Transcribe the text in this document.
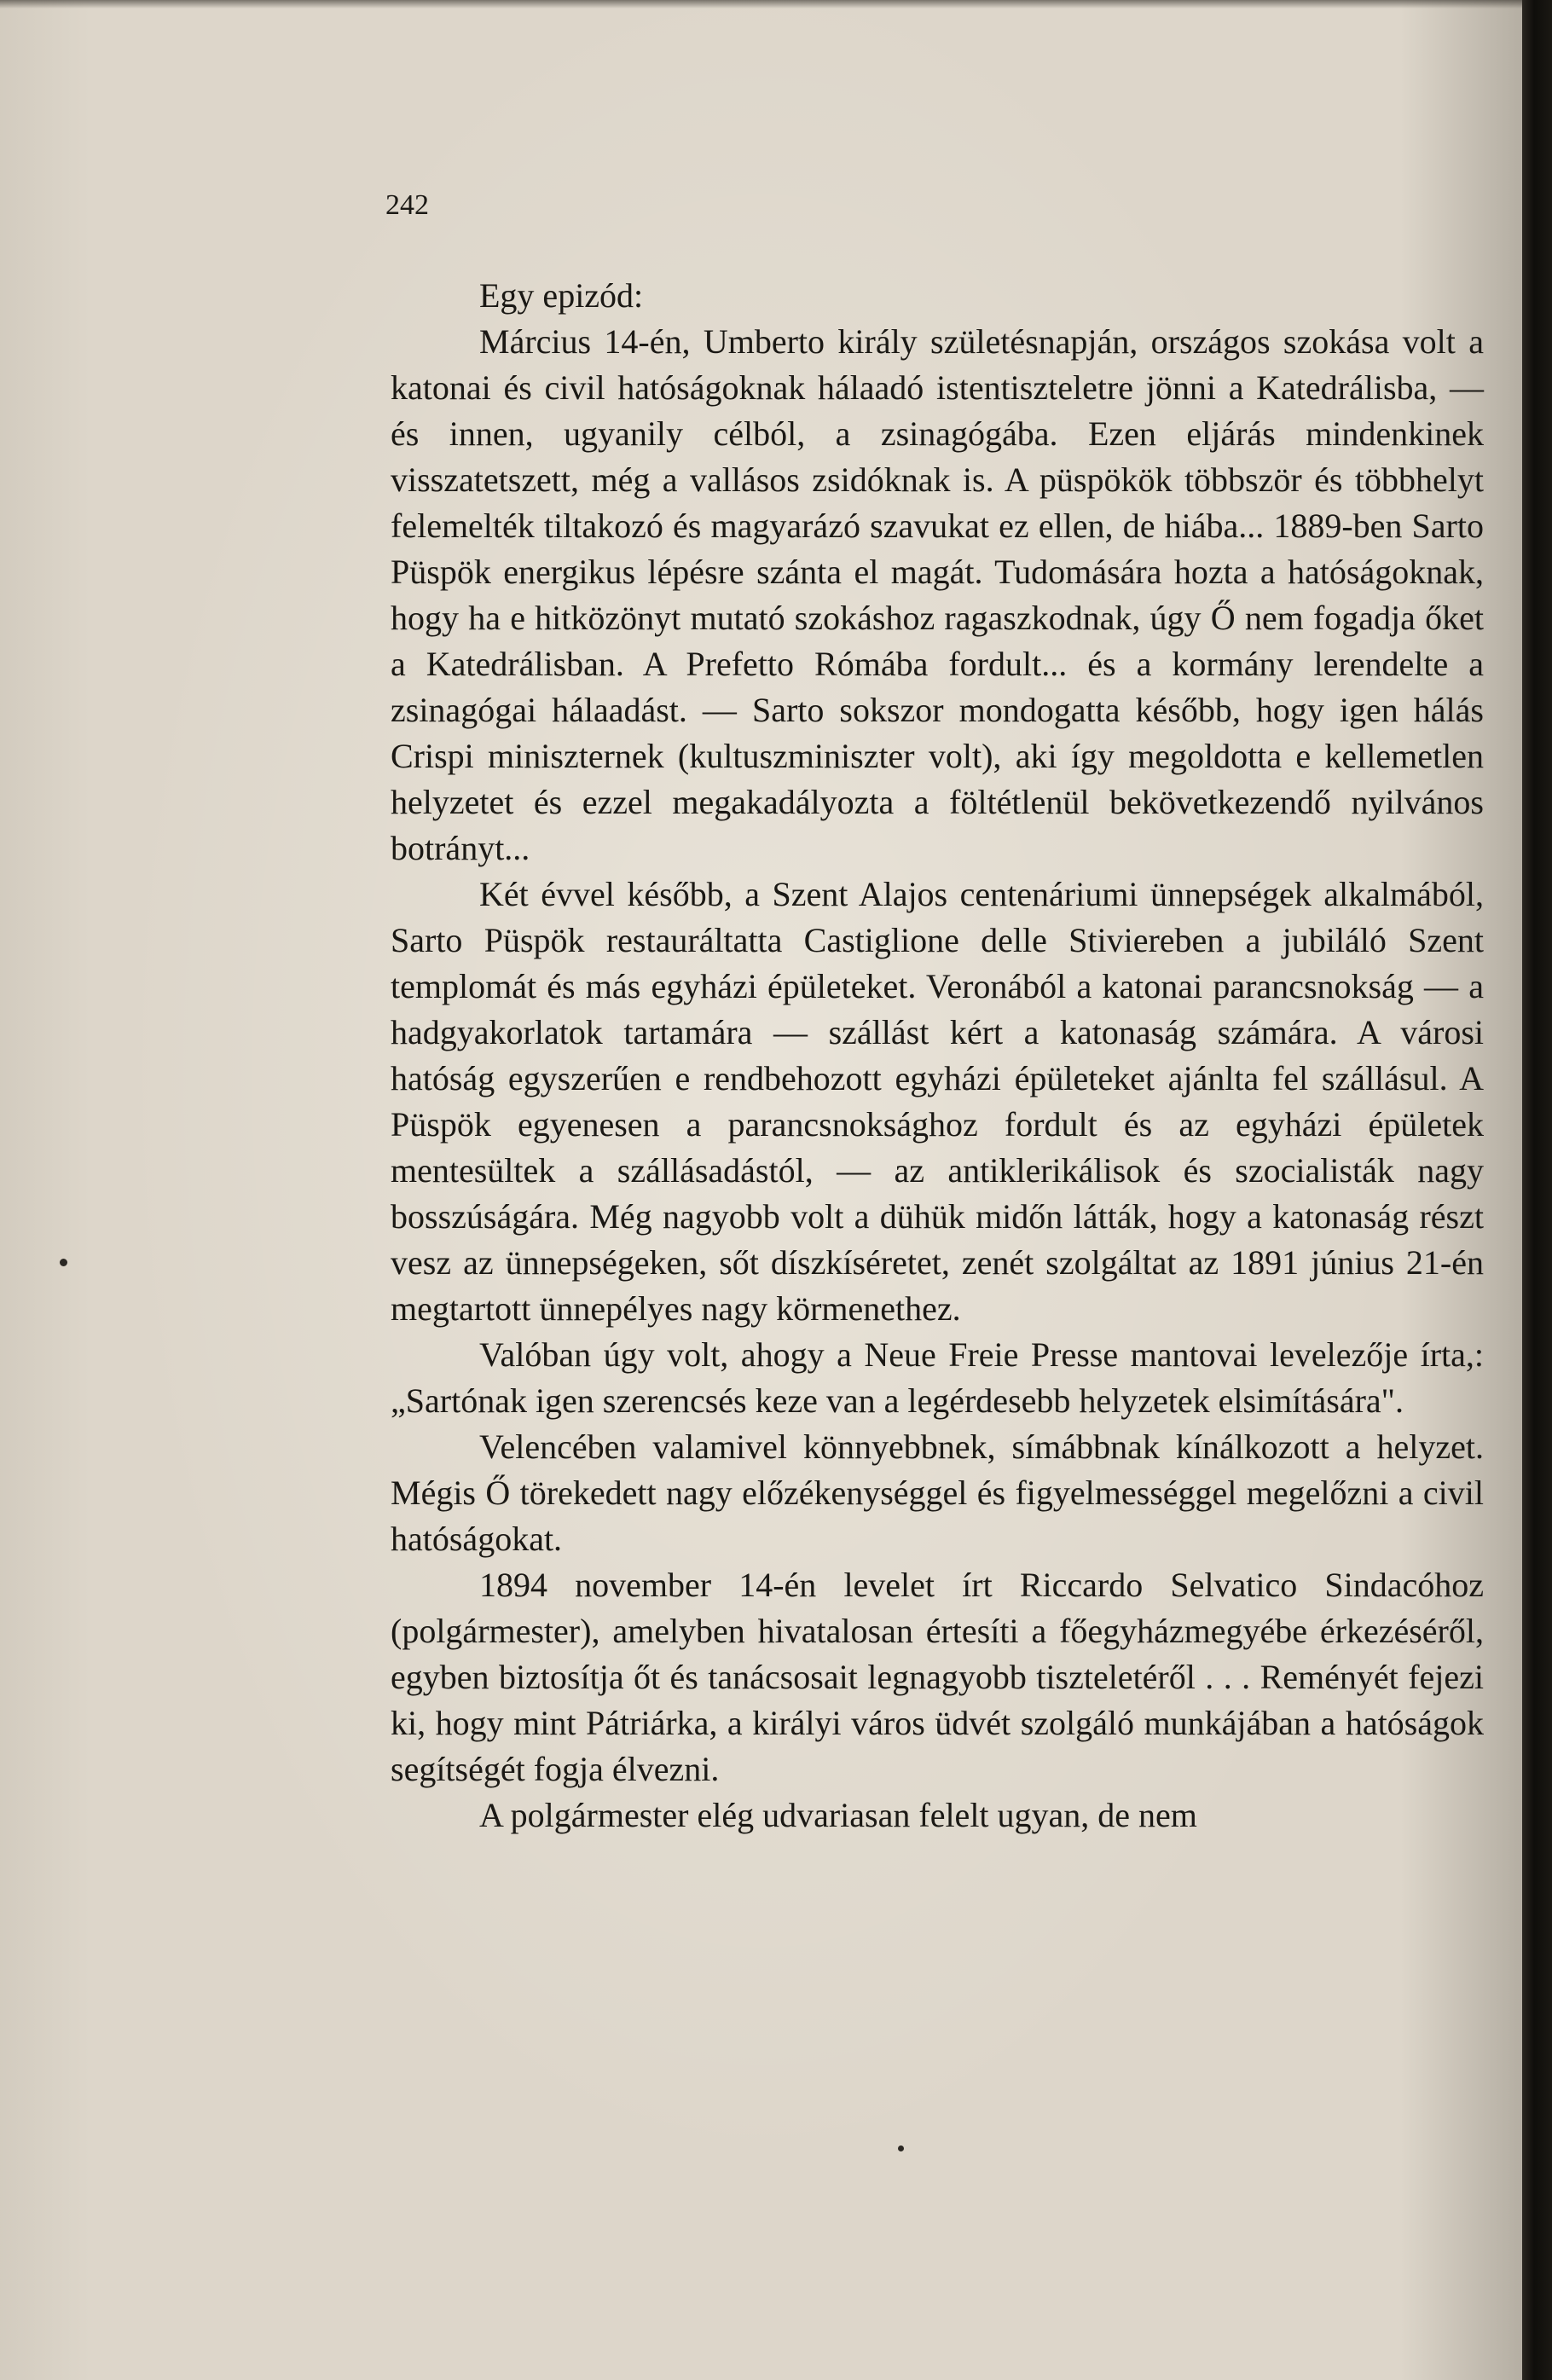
242

Egy epizód:

Március 14-én, Umberto király születésnapján, országos szokása volt a katonai és civil hatóságoknak hálaadó istentiszteletre jönni a Katedrálisba, — és innen, ugyanily célból, a zsinagógába. Ezen eljárás mindenkinek visszatetszett, még a vallásos zsidóknak is. A püspökök többször és többhelyt felemelték tiltakozó és magyarázó szavukat ez ellen, de hiába... 1889-ben Sarto Püspök energikus lépésre szánta el magát. Tudomására hozta a hatóságoknak, hogy ha e hitközönyt mutató szokáshoz ragaszkodnak, úgy Ő nem fogadja őket a Katedrálisban. A Prefetto Rómába fordult... és a kormány lerendelte a zsinagógai hálaadást. — Sarto sokszor mondogatta később, hogy igen hálás Crispi miniszternek (kultuszminiszter volt), aki így megoldotta e kellemetlen helyzetet és ezzel megakadályozta a föltétlenül bekövetkezendő nyilvános botrányt...

Két évvel később, a Szent Alajos centenáriumi ünnepségek alkalmából, Sarto Püspök restauráltatta Castiglione delle Stiviereben a jubiláló Szent templomát és más egyházi épületeket. Veronából a katonai parancsnokság — a hadgyakorlatok tartamára — szállást kért a katonaság számára. A városi hatóság egyszerűen e rendbehozott egyházi épületeket ajánlta fel szállásul. A Püspök egyenesen a parancsnoksághoz fordult és az egyházi épületek mentesültek a szállásadástól, — az antiklerikálisok és szocialisták nagy bosszúságára. Még nagyobb volt a dühük midőn látták, hogy a katonaság részt vesz az ünnepségeken, sőt díszkíséretet, zenét szolgáltat az 1891 június 21-én megtartott ünnepélyes nagy körmenethez.

Valóban úgy volt, ahogy a Neue Freie Presse mantovai levelezője írta,: „Sartónak igen szerencsés keze van a legérdesebb helyzetek elsimítására".

Velencében valamivel könnyebbnek, símábbnak kínálkozott a helyzet. Mégis Ő törekedett nagy előzékenységgel és figyelmességgel megelőzni a civil hatóságokat.

1894 november 14-én levelet írt Riccardo Selvatico Sindacóhoz (polgármester), amelyben hivatalosan értesíti a főegyházmegyébe érkezéséről, egyben biztosítja őt és tanácsosait legnagyobb tiszteletéről . . . Reményét fejezi ki, hogy mint Pátriárka, a királyi város üdvét szolgáló munkájában a hatóságok segítségét fogja élvezni.

A polgármester elég udvariasan felelt ugyan, de nem
